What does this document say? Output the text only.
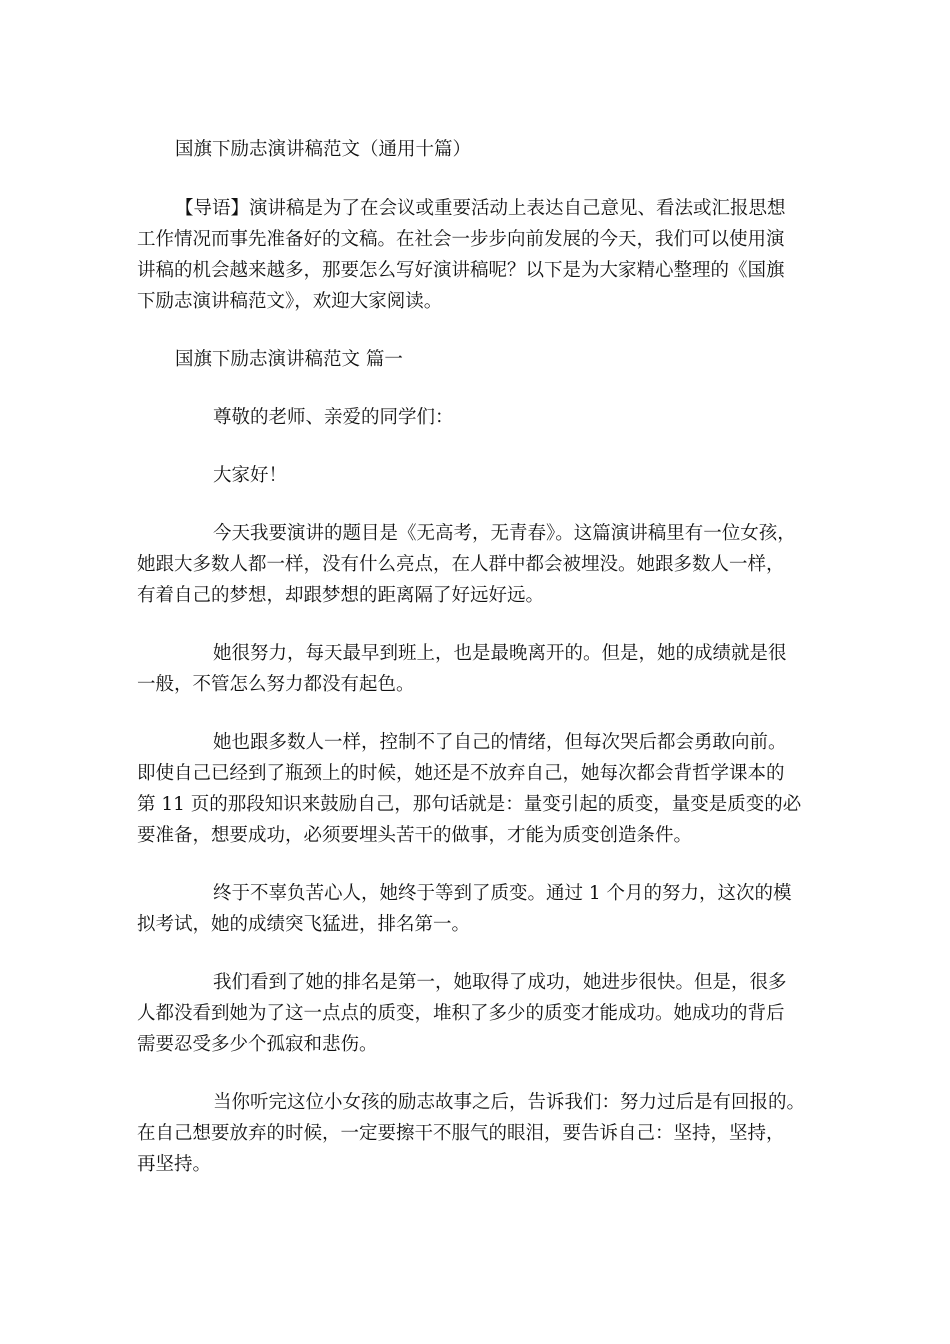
国旗下励志演讲稿范文（通用十篇）

【导语】演讲稿是为了在会议或重要活动上表达自己意见、看法或汇报思想

工作情况而事先准备好的文稿。在社会一步步向前发展的今天，我们可以使用演

讲稿的机会越来越多，那要怎么写好演讲稿呢？以下是为大家精心整理的《国旗

下励志演讲稿范文》，欢迎大家阅读。

国旗下励志演讲稿范文 篇一

尊敬的老师、亲爱的同学们：

大家好！

今天我要演讲的题目是《无高考，无青春》。这篇演讲稿里有一位女孩，

她跟大多数人都一样，没有什么亮点，在人群中都会被埋没。她跟多数人一样，

有着自己的梦想，却跟梦想的距离隔了好远好远。

她很努力，每天最早到班上，也是最晚离开的。但是，她的成绩就是很

一般，不管怎么努力都没有起色。

她也跟多数人一样，控制不了自己的情绪，但每次哭后都会勇敢向前。

即使自己已经到了瓶颈上的时候，她还是不放弃自己，她每次都会背哲学课本的

第 11 页的那段知识来鼓励自己，那句话就是：量变引起的质变，量变是质变的必

要准备，想要成功，必须要埋头苦干的做事，才能为质变创造条件。

终于不辜负苦心人，她终于等到了质变。通过 1 个月的努力，这次的模

拟考试，她的成绩突飞猛进，排名第一。

我们看到了她的排名是第一，她取得了成功，她进步很快。但是，很多

人都没看到她为了这一点点的质变，堆积了多少的质变才能成功。她成功的背后

需要忍受多少个孤寂和悲伤。

当你听完这位小女孩的励志故事之后，告诉我们：努力过后是有回报的。

在自己想要放弃的时候，一定要擦干不服气的眼泪，要告诉自己：坚持，坚持，

再坚持。
